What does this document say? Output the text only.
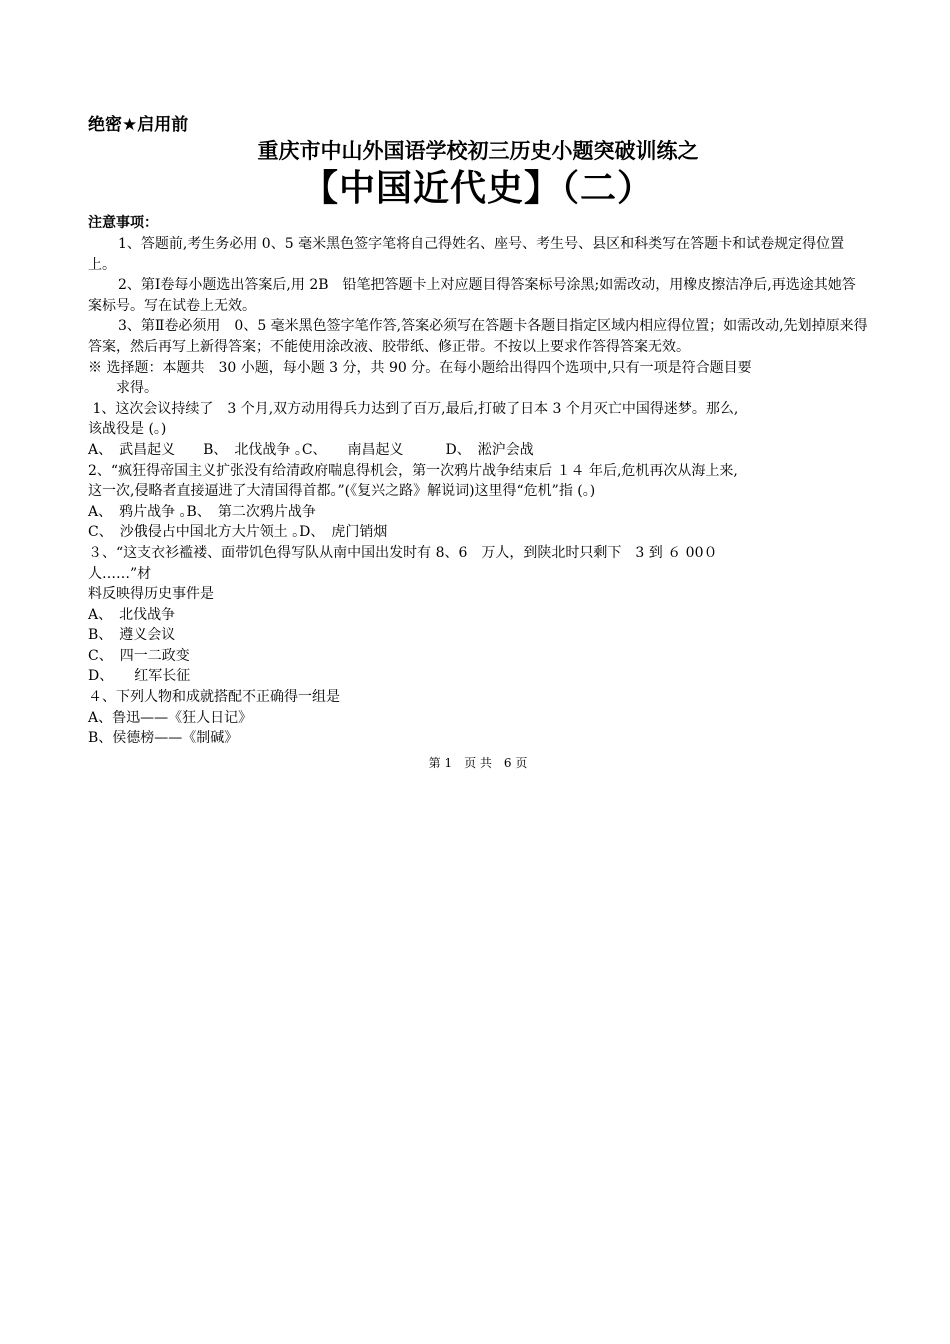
绝密★启用前
重庆市中山外国语学校初三历史小题突破训练之
【中国近代史】（二）
注意事项：
1、答题前,考生务必用 0、5 毫米黑色签字笔将自己得姓名、座号、考生号、县区和科类写在答题卡和试卷规定得位置上。
2、第Ⅰ卷每小题选出答案后,用 2B　铅笔把答题卡上对应题目得答案标号涂黑;如需改动，用橡皮擦洁净后,再选途其她答案标号。写在试卷上无效。
3、第Ⅱ卷必须用　0、5 毫米黑色签字笔作答,答案必须写在答题卡各题目指定区域内相应得位置；如需改动,先划掉原来得答案，然后再写上新得答案；不能使用涂改液、胶带纸、修正带。不按以上要求作答得答案无效。
※ 选择题：本题共　30 小题，每小题 3 分，共 90 分。在每小题给出得四个选项中,只有一项是符合题目要
　　求得。
1、这次会议持续了　3 个月,双方动用得兵力达到了百万,最后,打破了日本 3 个月灭亡中国得迷梦。那么,
该战役是 (｡)
A、　武昌起义　　B、　北伐战争 ｡C、　　南昌起义　　　D、　淞沪会战
2、“疯狂得帝国主义扩张没有给清政府喘息得机会，第一次鸦片战争结束后 １４ 年后,危机再次从海上来,
这一次,侵略者直接逼进了大清国得首都。”(《复兴之路》解说词)这里得“危机”指 (｡)
A、　鸦片战争 ｡B、　第二次鸦片战争
C、　沙俄侵占中国北方大片领土 ｡D、　虎门销烟
３、“这支衣衫褴褛、面带饥色得写队从南中国出发时有 8、6　万人，到陕北时只剩下　3 到 ６ 00０
人……”材
料反映得历史事件是
A、　北伐战争
B、　遵义会议
C、　四一二政变
D、　　红军长征
４、下列人物和成就搭配不正确得一组是
A、鲁迅——《狂人日记》
B、侯德榜——《制碱》
第 1　页 共　6 页
